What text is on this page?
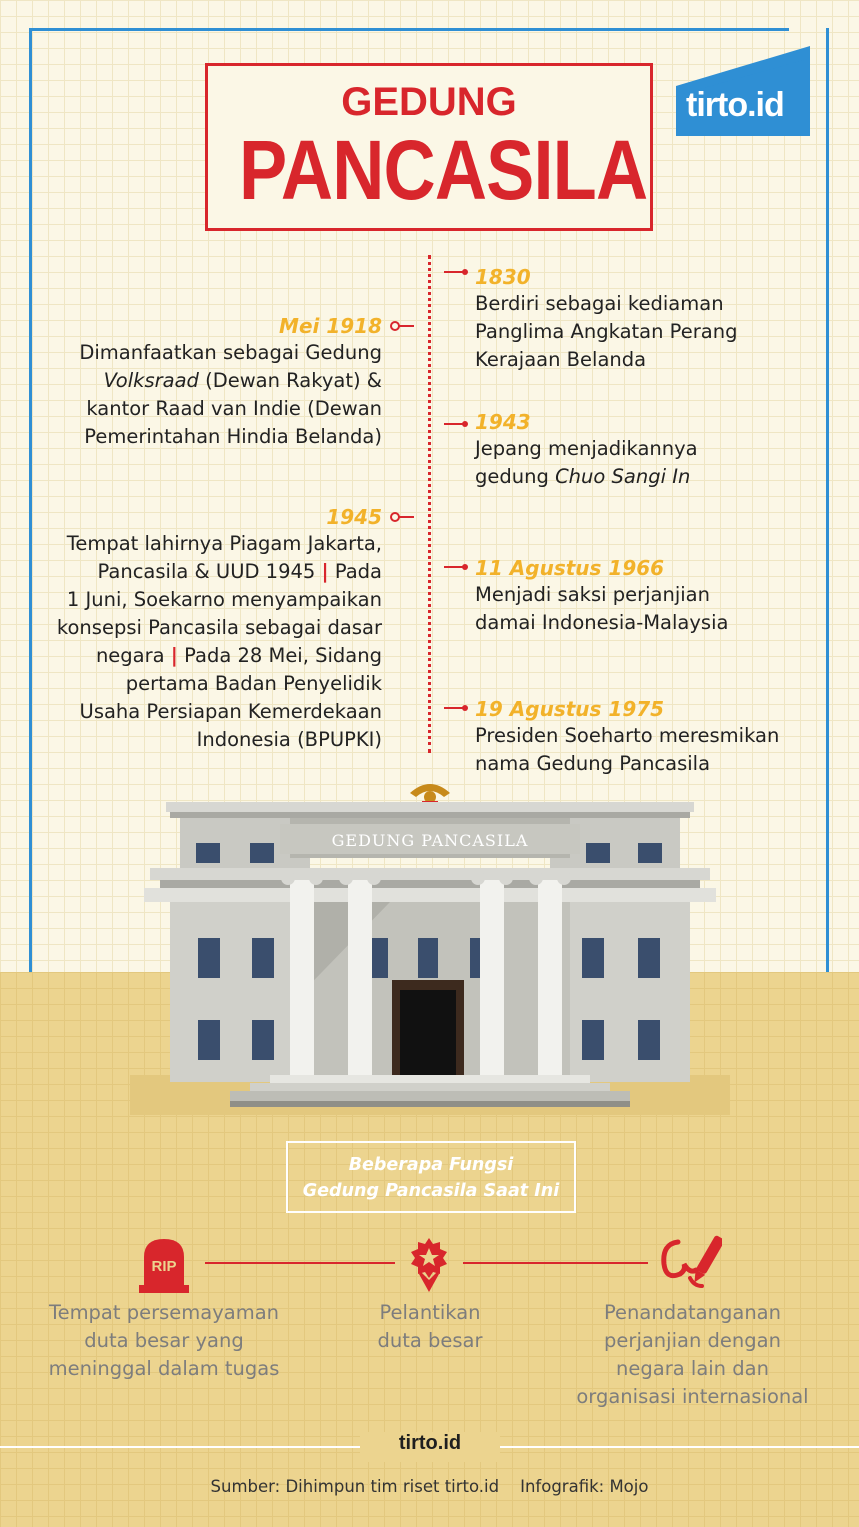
GEDUNG
PANCASILA
tirto.id
Mei 1918
Dimanfaatkan sebagai Gedung
Volksraad (Dewan Rakyat) &
kantor Raad van Indie (Dewan
Pemerintahan Hindia Belanda)
1945
Tempat lahirnya Piagam Jakarta,
Pancasila & UUD 1945 | Pada
1 Juni, Soekarno menyampaikan
konsepsi Pancasila sebagai dasar
negara | Pada 28 Mei, Sidang
pertama Badan Penyelidik
Usaha Persiapan Kemerdekaan
Indonesia (BPUPKI)
1830
Berdiri sebagai kediaman
Panglima Angkatan Perang
Kerajaan Belanda
1943
Jepang menjadikannya
gedung Chuo Sangi In
11 Agustus 1966
Menjadi saksi perjanjian
damai Indonesia-Malaysia
19 Agustus 1975
Presiden Soeharto meresmikan
nama Gedung Pancasila
GEDUNG PANCASILA
Beberapa Fungsi
Gedung Pancasila Saat Ini
RIP
Tempat persemayaman
duta besar yang
meninggal dalam tugas
Pelantikan
duta besar
Penandatanganan
perjanjian dengan
negara lain dan
organisasi internasional
tirto.id
Sumber: Dihimpun tim riset tirto.id    Infografik: Mojo
